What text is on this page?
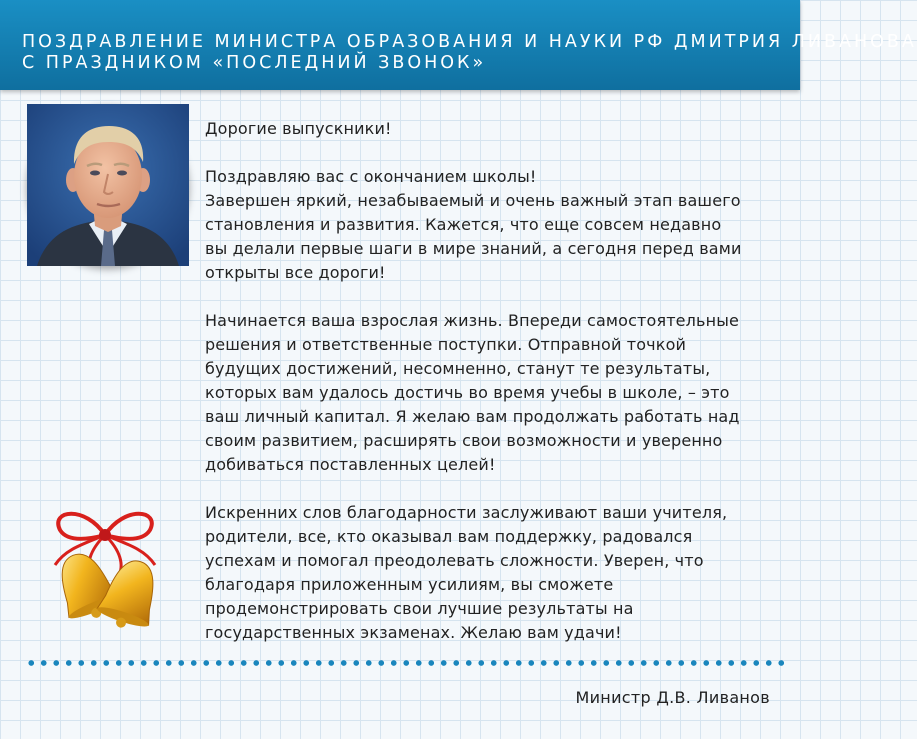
ПОЗДРАВЛЕНИЕ МИНИСТРА ОБРАЗОВАНИЯ И НАУКИ РФ ДМИТРИЯ ЛИВАНОВА
С ПРАЗДНИКОМ «ПОСЛЕДНИЙ ЗВОНОК»

Дорогие выпускники!

Поздравляю вас с окончанием школы!
Завершен яркий, незабываемый и очень важный этап вашего
становления и развития. Кажется, что еще совсем недавно
вы делали первые шаги в мире знаний, а сегодня перед вами
открыты все дороги!

Начинается ваша взрослая жизнь. Впереди самостоятельные
решения и ответственные поступки. Отправной точкой
будущих достижений, несомненно, станут те результаты,
которых вам удалось достичь во время учебы в школе, – это
ваш личный капитал. Я желаю вам продолжать работать над
своим развитием, расширять свои возможности и уверенно
добиваться поставленных целей!

Искренних слов благодарности заслуживают ваши учителя,
родители, все, кто оказывал вам поддержку, радовался
успехам и помогал преодолевать сложности. Уверен, что
благодаря приложенным усилиям, вы сможете
продемонстрировать свои лучшие результаты на
государственных экзаменах. Желаю вам удачи!

Министр Д.В. Ливанов
